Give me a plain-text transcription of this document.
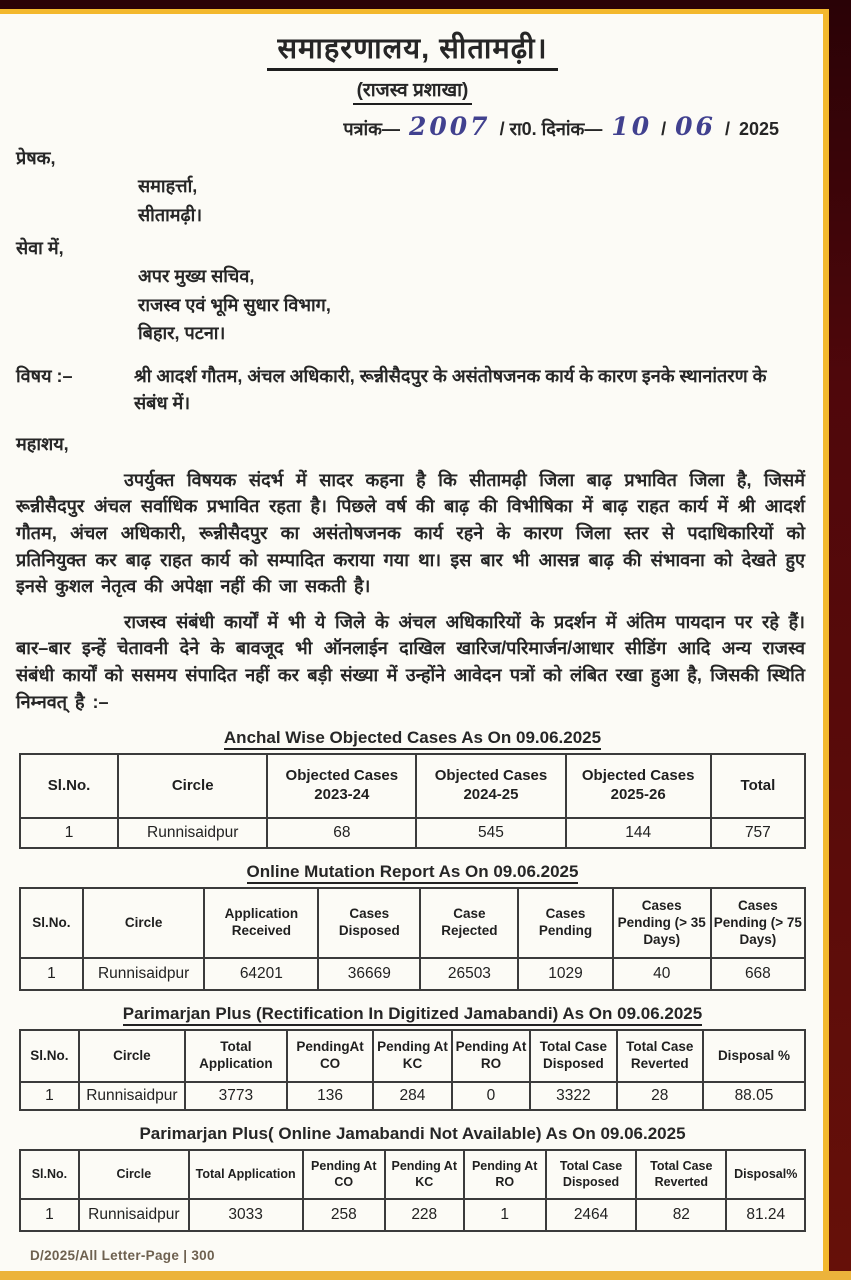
समाहरणालय, सीतामढ़ी।
(राजस्व प्रशाखा)
पत्रांक— 2007 / रा0. दिनांक— 10 / 06 / 2025
प्रेषक,
समाहर्त्ता,
सीतामढ़ी।
सेवा में,
अपर मुख्य सचिव,
राजस्व एवं भूमि सुधार विभाग,
बिहार, पटना।
विषय :–	श्री आदर्श गौतम, अंचल अधिकारी, रून्नीसैदपुर के असंतोषजनक कार्य के कारण इनके स्थानांतरण के संबंध में।
महाशय,
उपर्युक्त विषयक संदर्भ में सादर कहना है कि सीतामढ़ी जिला बाढ़ प्रभावित जिला है, जिसमें रून्नीसैदपुर अंचल सर्वाधिक प्रभावित रहता है। पिछले वर्ष की बाढ़ की विभीषिका में बाढ़ राहत कार्य में श्री आदर्श गौतम, अंचल अधिकारी, रून्नीसैदपुर का असंतोषजनक कार्य रहने के कारण जिला स्तर से पदाधिकारियों को प्रतिनियुक्त कर बाढ़ राहत कार्य को सम्पादित कराया गया था। इस बार भी आसन्न बाढ़ की संभावना को देखते हुए इनसे कुशल नेतृत्व की अपेक्षा नहीं की जा सकती है।
राजस्व संबंधी कार्यों में भी ये जिले के अंचल अधिकारियों के प्रदर्शन में अंतिम पायदान पर रहे हैं। बार–बार इन्हें चेतावनी देने के बावजूद भी ऑनलाईन दाखिल खारिज/परिमार्जन/आधार सीडिंग आदि अन्य राजस्व संबंधी कार्यों को ससमय संपादित नहीं कर बड़ी संख्या में उन्होंने आवेदन पत्रों को लंबित रखा हुआ है, जिसकी स्थिति निम्नवत् है :–
Anchal Wise Objected Cases As On 09.06.2025
Sl.No.	Circle	Objected Cases 2023-24	Objected Cases 2024-25	Objected Cases 2025-26	Total
1	Runnisaidpur	68	545	144	757
Online Mutation Report As On 09.06.2025
Sl.No.	Circle	Application Received	Cases Disposed	Case Rejected	Cases Pending	Cases Pending (> 35 Days)	Cases Pending (> 75 Days)
1	Runnisaidpur	64201	36669	26503	1029	40	668
Parimarjan Plus (Rectification In Digitized Jamabandi) As On 09.06.2025
Sl.No.	Circle	Total Application	PendingAt CO	Pending At KC	Pending At RO	Total Case Disposed	Total Case Reverted	Disposal %
1	Runnisaidpur	3773	136	284	0	3322	28	88.05
Parimarjan Plus( Online Jamabandi Not Available) As On 09.06.2025
Sl.No.	Circle	Total Application	Pending At CO	Pending At KC	Pending At RO	Total Case Disposed	Total Case Reverted	Disposal%
1	Runnisaidpur	3033	258	228	1	2464	82	81.24
D/2025/All Letter-Page | 300
